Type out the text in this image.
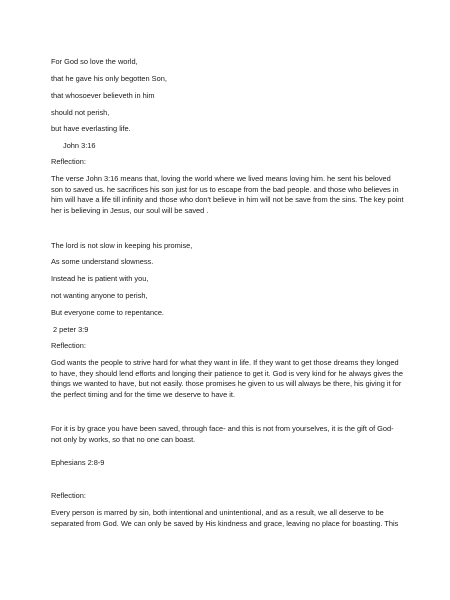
For God so love the world,

that he gave his only begotten Son,

that whosoever believeth in him

should not perish,

but have everlasting life.

John 3:16

Reflection:

The verse John 3:16 means that, loving the world where we lived means loving him. he sent his beloved son to saved us. he sacrifices his son just for us to escape from the bad people. and those who believes in him will have a life till infinity and those who don't believe in him will not be save from the sins. The key point her is believing in Jesus, our soul will be saved .

The lord is not slow in keeping his promise,

As some understand slowness.

Instead he is patient with you,

not wanting anyone to perish,

But everyone come to repentance.

2 peter 3:9

Reflection:

God wants the people to strive hard for what they want in life. If they want to get those dreams they longed to have, they should lend efforts and longing their patience to get it. God is very kind for he always gives the things we wanted to have, but not easily. those promises he given to us will always be there, his giving it for the perfect timing and for the time we deserve to have it.

For it is by grace you have been saved, through face- and this is not from yourselves, it is the gift of God- not only by works, so that no one can boast.

Ephesians 2:8-9

Reflection:

Every person is marred by sin, both intentional and unintentional, and as a result, we all deserve to be separated from God. We can only be saved by His kindness and grace, leaving no place for boasting. This
